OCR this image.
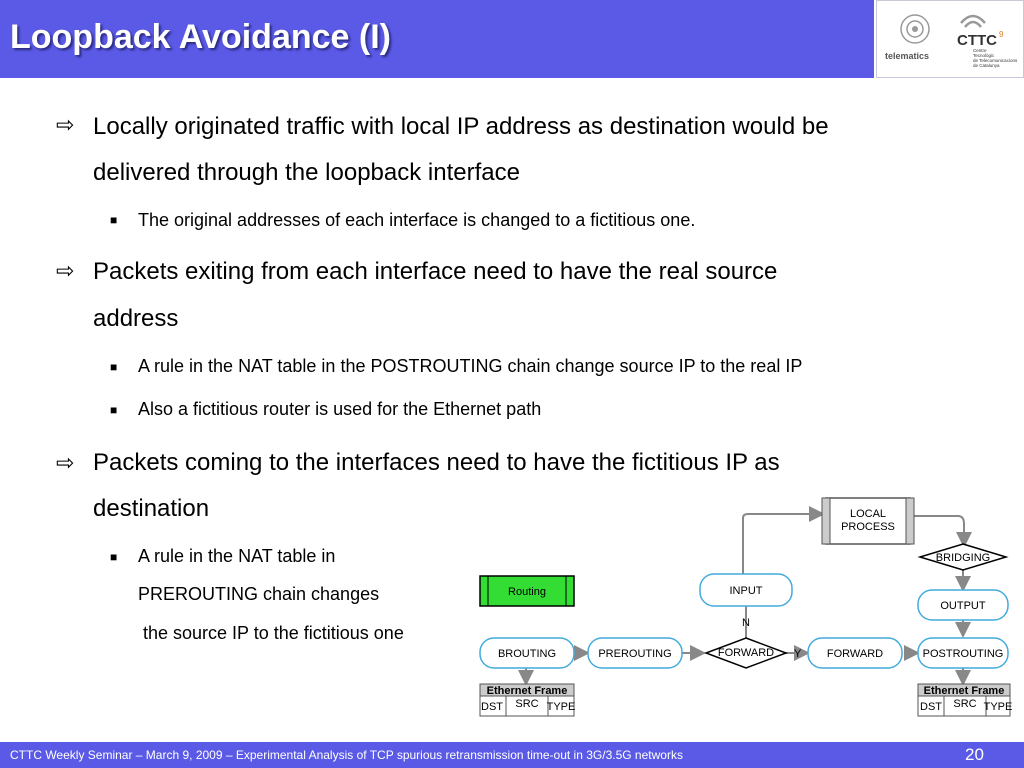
Loopback Avoidance (I)	telematics
CTTC 9
Centre
Tecnològic
de Telecomunicacions
de Catalunya
⇨ Locally originated traffic with local IP address as destination would be
delivered through the loopback interface
■ The original addresses of each interface is changed to a fictitious one.
⇨ Packets exiting from each interface need to have the real source
address
■ A rule in the NAT table in the POSTROUTING chain change source IP to the real IP
■ Also a fictitious router is used for the Ethernet path
⇨ Packets coming to the interfaces need to have the fictitious IP as
destination
■ A rule in the NAT table in
PREROUTING chain changes
the source IP to the fictitious one
LOCAL
PROCESS
BRIDGING
Routing	INPUT
OUTPUT
N
Y
BROUTING	PREROUTING	FORWARD	FORWARD	POSTROUTING
Ethernet Frame
DST SRC TYPE
Ethernet Frame
DST SRC TYPE
CTTC Weekly Seminar – March 9, 2009 – Experimental Analysis of TCP spurious retransmission time-out in 3G/3.5G networks	20
